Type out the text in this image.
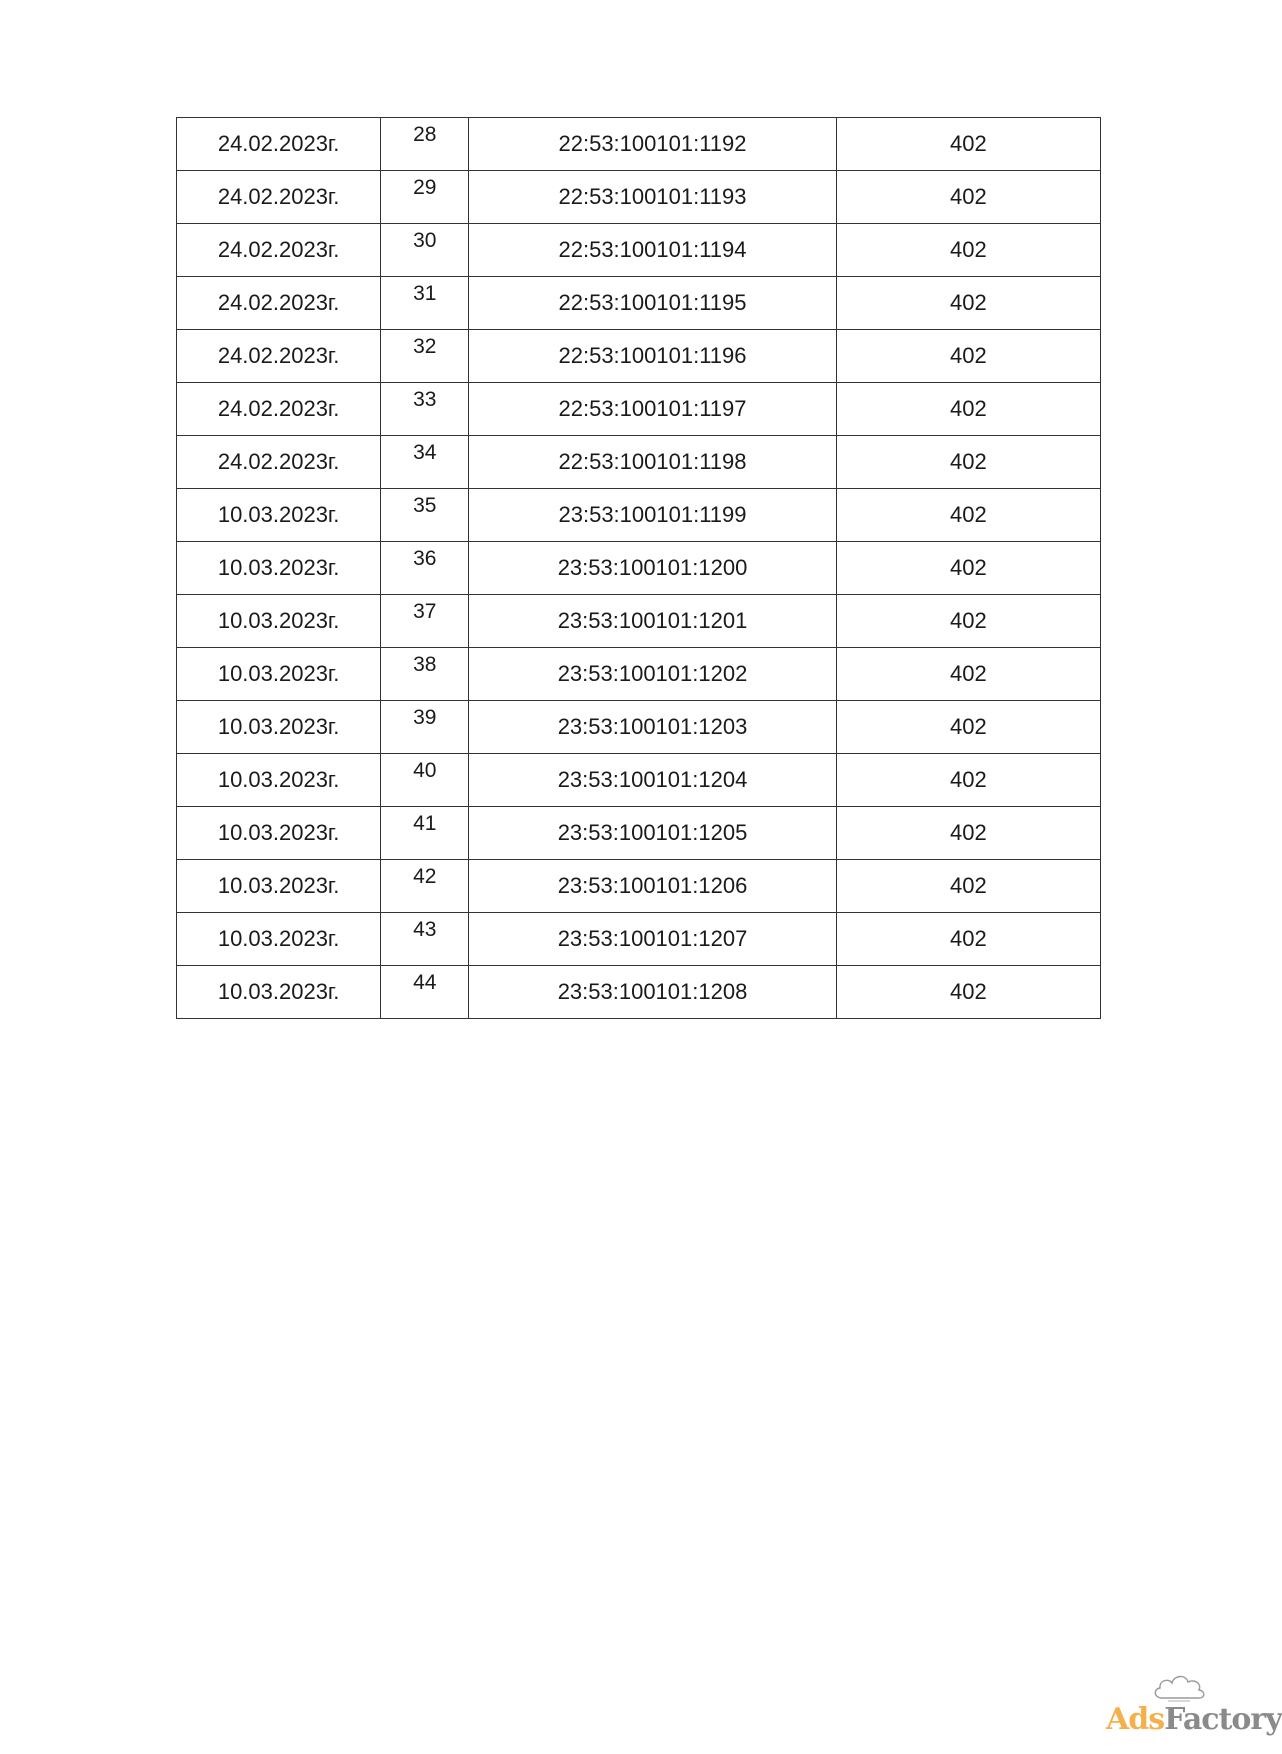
24.02.2023г.	28	22:53:100101:1192	402
24.02.2023г.	29	22:53:100101:1193	402
24.02.2023г.	30	22:53:100101:1194	402
24.02.2023г.	31	22:53:100101:1195	402
24.02.2023г.	32	22:53:100101:1196	402
24.02.2023г.	33	22:53:100101:1197	402
24.02.2023г.	34	22:53:100101:1198	402
10.03.2023г.	35	23:53:100101:1199	402
10.03.2023г.	36	23:53:100101:1200	402
10.03.2023г.	37	23:53:100101:1201	402
10.03.2023г.	38	23:53:100101:1202	402
10.03.2023г.	39	23:53:100101:1203	402
10.03.2023г.	40	23:53:100101:1204	402
10.03.2023г.	41	23:53:100101:1205	402
10.03.2023г.	42	23:53:100101:1206	402
10.03.2023г.	43	23:53:100101:1207	402
10.03.2023г.	44	23:53:100101:1208	402
AdsFactory
